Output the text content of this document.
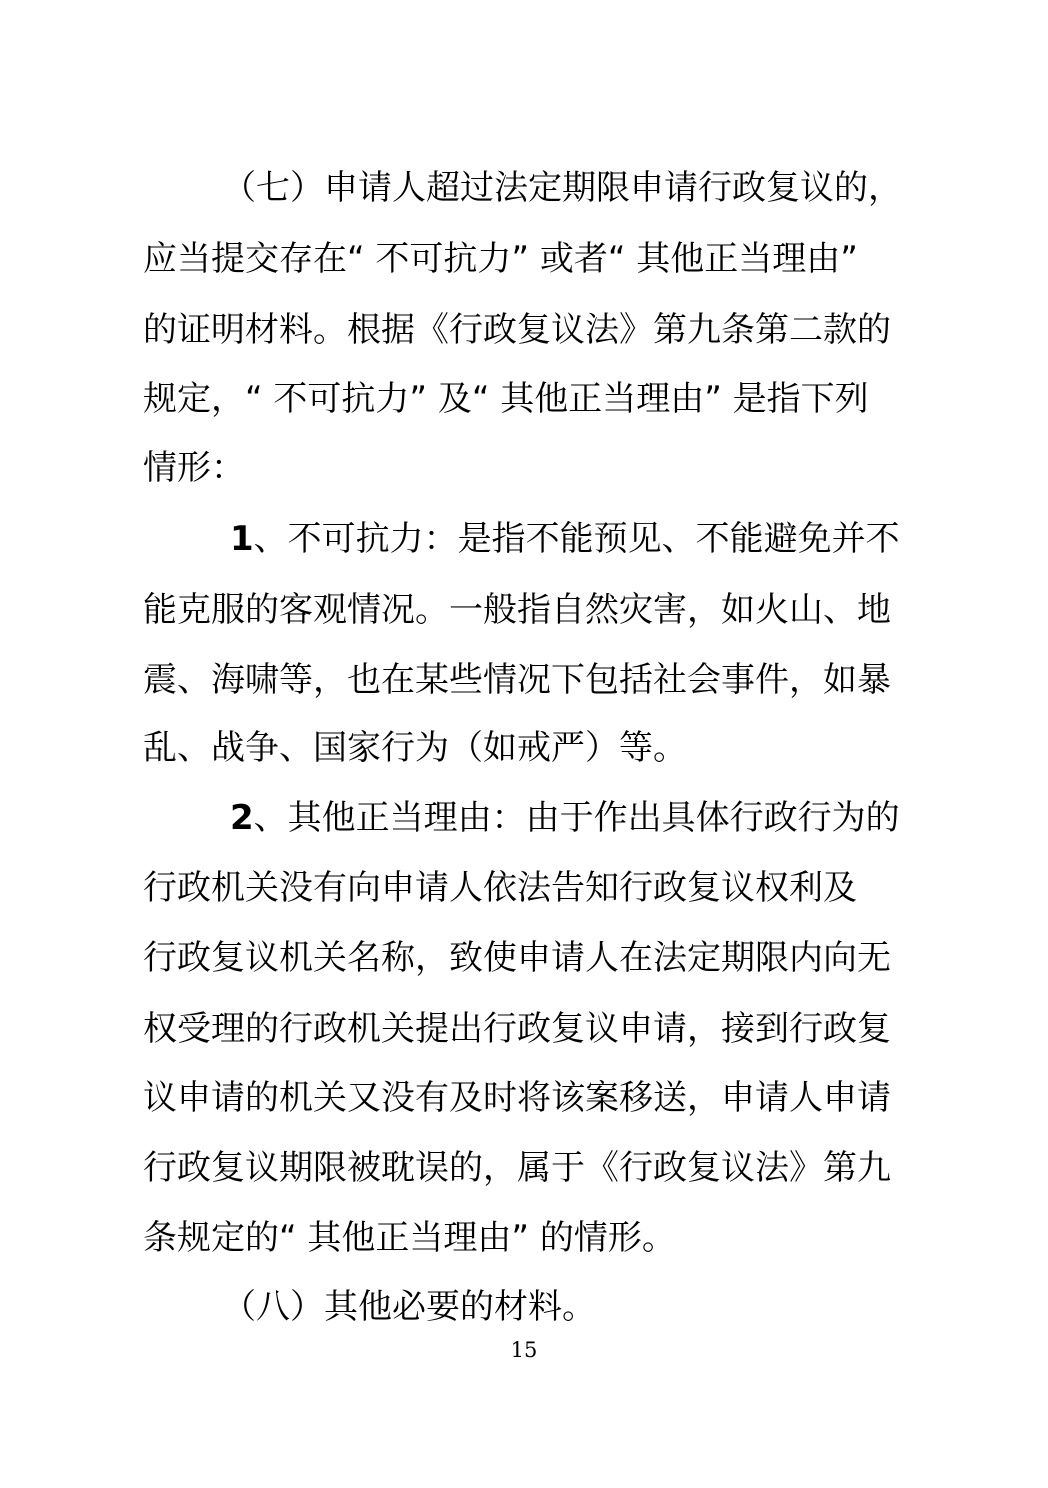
（七）申请人超过法定期限申请行政复议的，
应当提交存在“ 不可抗力” 或者“ 其他正当理由”
的证明材料。根据《行政复议法》第九条第二款的
规定，“ 不可抗力” 及“ 其他正当理由” 是指下列
情形：
1、不可抗力：是指不能预见、不能避免并不
能克服的客观情况。一般指自然灾害，如火山、地
震、海啸等，也在某些情况下包括社会事件，如暴
乱、战争、国家行为（如戒严）等。
2、其他正当理由：由于作出具体行政行为的
行政机关没有向申请人依法告知行政复议权利及
行政复议机关名称，致使申请人在法定期限内向无
权受理的行政机关提出行政复议申请，接到行政复
议申请的机关又没有及时将该案移送，申请人申请
行政复议期限被耽误的，属于《行政复议法》第九
条规定的“ 其他正当理由” 的情形。
（八）其他必要的材料。
15
